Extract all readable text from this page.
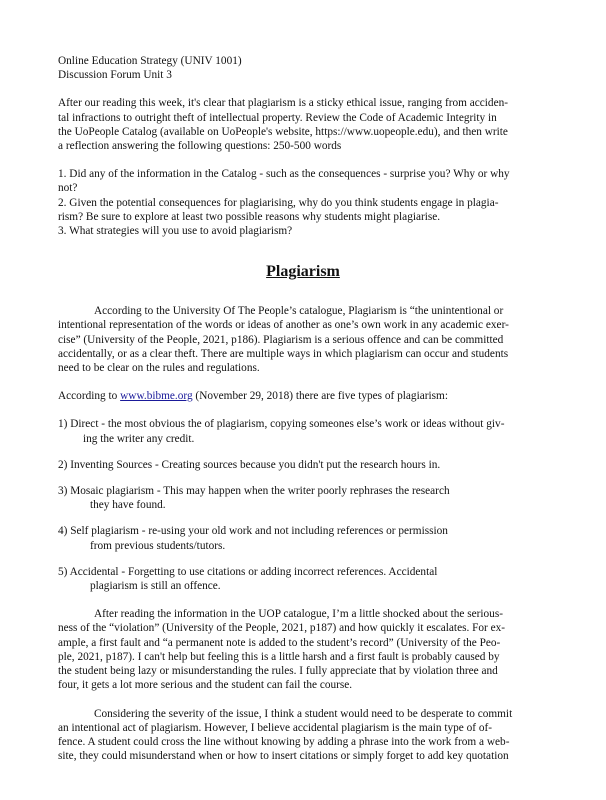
Online Education Strategy (UNIV 1001)
Discussion Forum Unit 3
After our reading this week, it's clear that plagiarism is a sticky ethical issue, ranging from acciden-
tal infractions to outright theft of intellectual property. Review the Code of Academic Integrity in
the UoPeople Catalog (available on UoPeople's website, https://www.uopeople.edu), and then write
a reflection answering the following questions: 250-500 words
1. Did any of the information in the Catalog - such as the consequences - surprise you? Why or why
not?
2. Given the potential consequences for plagiarising, why do you think students engage in plagia-
rism? Be sure to explore at least two possible reasons why students might plagiarise.
3. What strategies will you use to avoid plagiarism?
Plagiarism
According to the University Of The People’s catalogue, Plagiarism is “the unintentional or
intentional representation of the words or ideas of another as one’s own work in any academic exer-
cise” (University of the People, 2021, p186). Plagiarism is a serious offence and can be committed
accidentally, or as a clear theft. There are multiple ways in which plagiarism can occur and students
need to be clear on the rules and regulations.
According to www.bibme.org (November 29, 2018) there are five types of plagiarism:
1) Direct - the most obvious the of plagiarism, copying someones else’s work or ideas without giv-
ing the writer any credit.
2) Inventing Sources - Creating sources because you didn't put the research hours in.
3) Mosaic plagiarism - This may happen when the writer poorly rephrases the research
they have found.
4) Self plagiarism - re-using your old work and not including references or permission
from previous students/tutors.
5) Accidental - Forgetting to use citations or adding incorrect references. Accidental
plagiarism is still an offence.
After reading the information in the UOP catalogue, I’m a little shocked about the serious-
ness of the “violation” (University of the People, 2021, p187) and how quickly it escalates. For ex-
ample, a first fault and “a permanent note is added to the student’s record” (University of the Peo-
ple, 2021, p187). I can't help but feeling this is a little harsh and a first fault is probably caused by
the student being lazy or misunderstanding the rules. I fully appreciate that by violation three and
four, it gets a lot more serious and the student can fail the course.
Considering the severity of the issue, I think a student would need to be desperate to commit
an intentional act of plagiarism. However, I believe accidental plagiarism is the main type of of-
fence. A student could cross the line without knowing by adding a phrase into the work from a web-
site, they could misunderstand when or how to insert citations or simply forget to add key quotation
